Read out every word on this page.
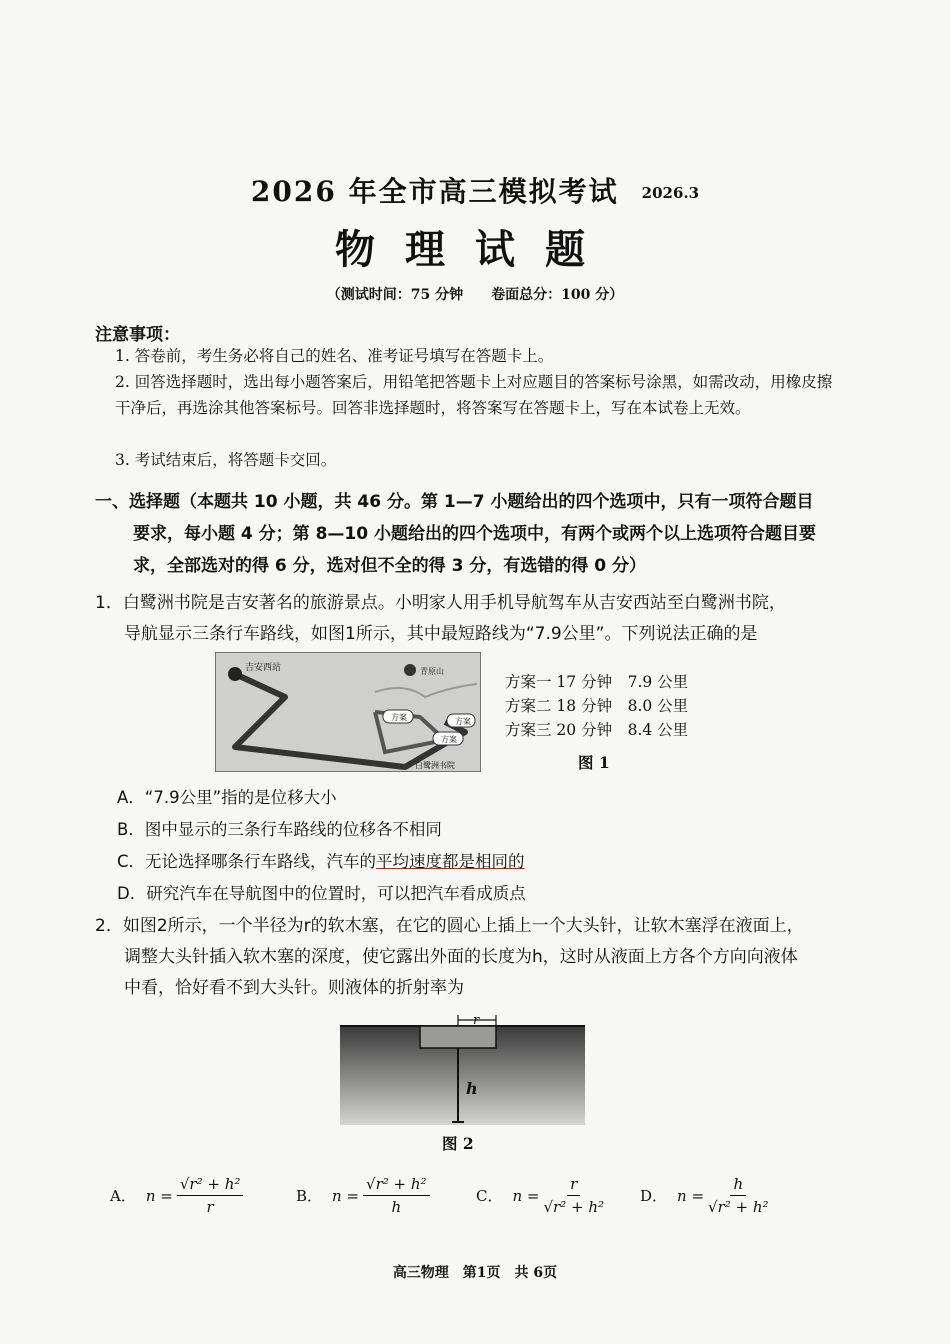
2026 年全市高三模拟考试 2026.3
物理试题
（测试时间：75 分钟　　卷面总分：100 分）
注意事项：
1. 答卷前，考生务必将自己的姓名、准考证号填写在答题卡上。
2. 回答选择题时，选出每小题答案后，用铅笔把答题卡上对应题目的答案标号涂黑，如需改动，用橡皮擦干净后，再选涂其他答案标号。回答非选择题时，将答案写在答题卡上，写在本试卷上无效。
3. 考试结束后，将答题卡交回。
一、选择题（本题共 10 小题，共 46 分。第 1—7 小题给出的四个选项中，只有一项符合题目
要求，每小题 4 分；第 8—10 小题给出的四个选项中，有两个或两个以上选项符合题目要
求，全部选对的得 6 分，选对但不全的得 3 分，有选错的得 0 分）
1．白鹭洲书院是吉安著名的旅游景点。小明家人用手机导航驾车从吉安西站至白鹭洲书院，
导航显示三条行车路线，如图1所示，其中最短路线为“7.9公里”。下列说法正确的是
吉安西站	青原山
方案	方案
方案
白鹭洲书院
方案一 17 分钟　7.9 公里
方案二 18 分钟　8.0 公里
方案三 20 分钟　8.4 公里
图 1
A．“7.9公里”指的是位移大小
B．图中显示的三条行车路线的位移各不相同
C．无论选择哪条行车路线，汽车的平均速度都是相同的
D．研究汽车在导航图中的位置时，可以把汽车看成质点
2．如图2所示，一个半径为r的软木塞，在它的圆心上插上一个大头针，让软木塞浮在液面上，
调整大头针插入软木塞的深度，使它露出外面的长度为h，这时从液面上方各个方向向液体
中看，恰好看不到大头针。则液体的折射率为
r
h
图 2
A． $n = \frac{\text{√r² + h²}}{r}$	B． $n = \frac{\text{√r² + h²}}{h}$	C． $n = \frac{r}{\text{√r² + h²}}$ D． $n = \frac{h}{\text{√r² + h²}}$
高三物理　第1页　共 6页
